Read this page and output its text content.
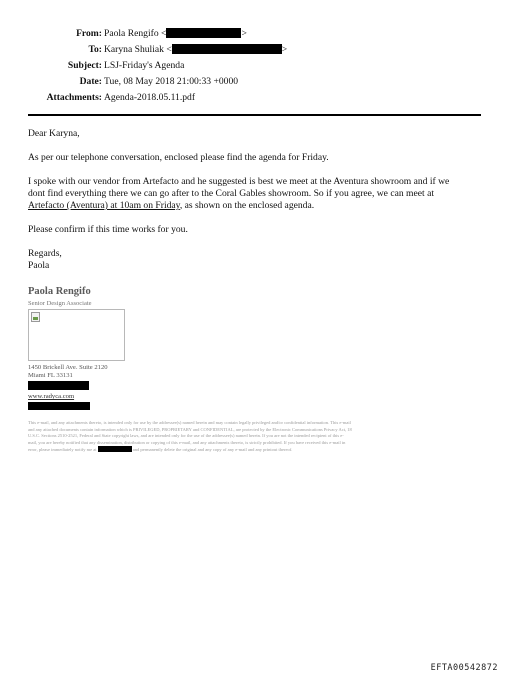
From: Paola Rengifo <	>
To: Karyna Shuliak <	>
Subject: LSJ-Friday's Agenda
Date: Tue, 08 May 2018 21:00:33 +0000
Attachments: Agenda-2018.05.11.pdf

Dear Karyna,

As per our telephone conversation, enclosed please find the agenda for Friday.

I spoke with our vendor from Artefacto and he suggested is best we meet at the Aventura showroom and if we
dont find everything there we can go after to the Coral Gables showroom. So if you agree, we can meet at
Artefacto (Aventura) at 10am on Friday, as shown on the enclosed agenda.

Please confirm if this time works for you.

Regards,

Paola

Paola Rengifo
Senior Design Associate
1450 Brickell Ave. Suite 2120
Miami FL 33131
www.radyca.com
This e-mail, and any attachments thereto, is intended only for use by the addressee(s) named herein and may contain legally privileged and/or confidential information. This e-mail
and any attached documents contain information which is PRIVILEGED, PROPRIETARY and CONFIDENTIAL, are protected by the Electronic Communications Privacy Act, 18
U.S.C. Sections 2510-2521, Federal and State copyright laws, and are intended only for the use of the addressee(s) named herein. If you are not the intended recipient of this e-
mail, you are hereby notified that any dissemination, distribution or copying of this e-mail, and any attachments thereto, is strictly prohibited. If you have received this e-mail in
error, please immediately notify me at	and permanently delete the original and any copy of any e-mail and any printout thereof.
EFTA00542872
